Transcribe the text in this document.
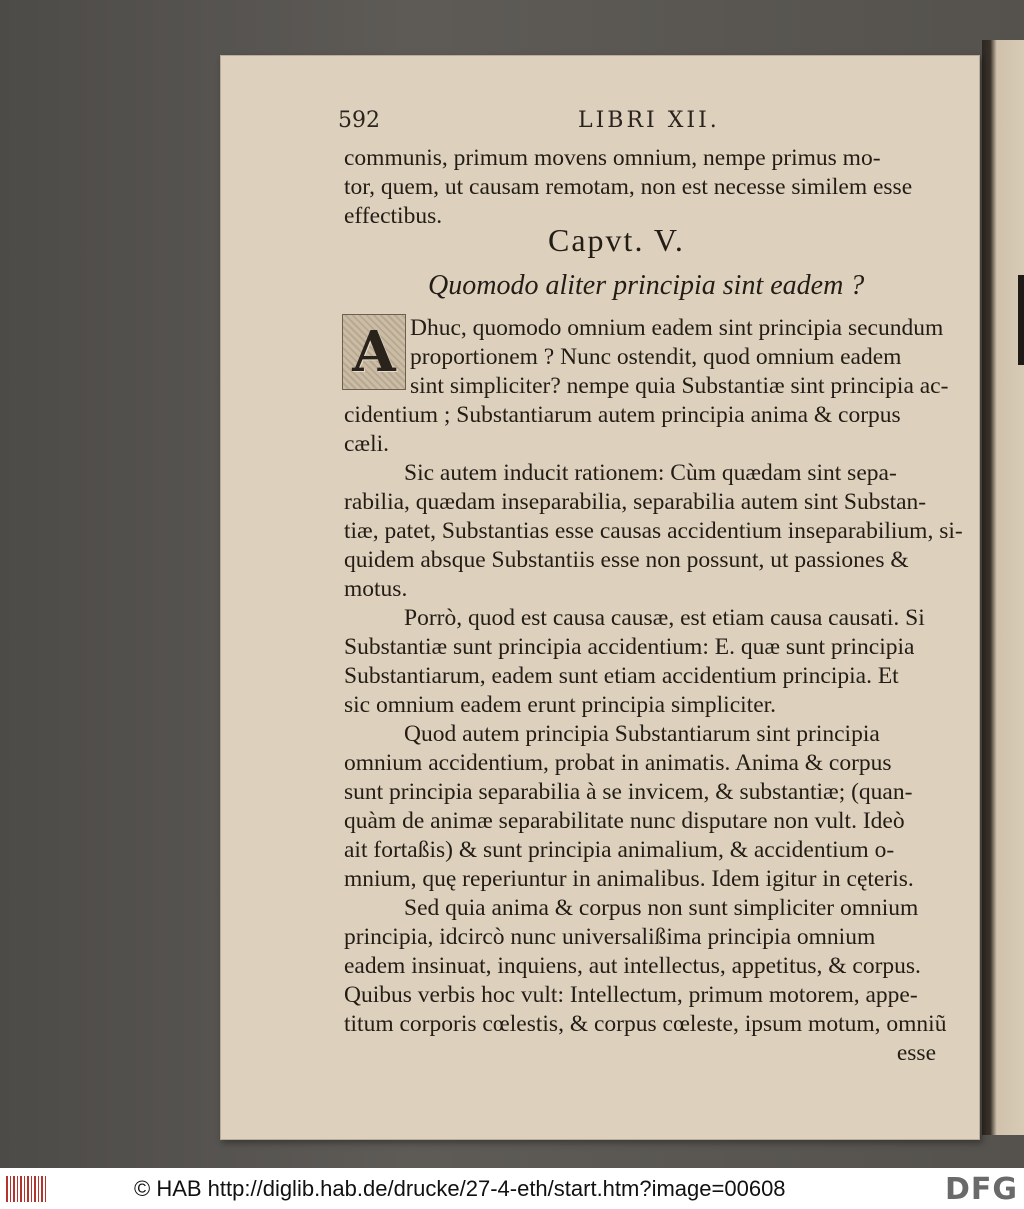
592	LIBRI XII.
communis, primum movens omnium, nempe primus mo-
tor, quem, ut causam remotam, non est necesse similem esse
effectibus.
Capvt. V.
Quomodo aliter principia sint eadem ?
A Dhuc, quomodo omnium eadem sint principia secundum
proportionem ? Nunc ostendit, quod omnium eadem
sint simpliciter? nempe quia Substantiæ sint principia ac-
cidentium ; Substantiarum autem principia anima & corpus
cæli.
Sic autem inducit rationem: Cùm quædam sint sepa-
rabilia, quædam inseparabilia, separabilia autem sint Substan-
tiæ, patet, Substantias esse causas accidentium inseparabilium, si-
quidem absque Substantiis esse non possunt, ut passiones &
motus.
Porrò, quod est causa causæ, est etiam causa causati. Si
Substantiæ sunt principia accidentium: E. quæ sunt principia
Substantiarum, eadem sunt etiam accidentium principia. Et
sic omnium eadem erunt principia simpliciter.
Quod autem principia Substantiarum sint principia
omnium accidentium, probat in animatis. Anima & corpus
sunt principia separabilia à se invicem, & substantiæ; (quan-
quàm de animæ separabilitate nunc disputare non vult. Ideò
ait fortaßis) & sunt principia animalium, & accidentium o-
mnium, quę reperiuntur in animalibus. Idem igitur in cęteris.
Sed quia anima & corpus non sunt simpliciter omnium
principia, idcircò nunc universalißima principia omnium
eadem insinuat, inquiens, aut intellectus, appetitus, & corpus.
Quibus verbis hoc vult: Intellectum, primum motorem, appe-
titum corporis cœlestis, & corpus cœleste, ipsum motum, omniũ
esse
© HAB http://diglib.hab.de/drucke/27-4-eth/start.htm?image=00608	DFG
